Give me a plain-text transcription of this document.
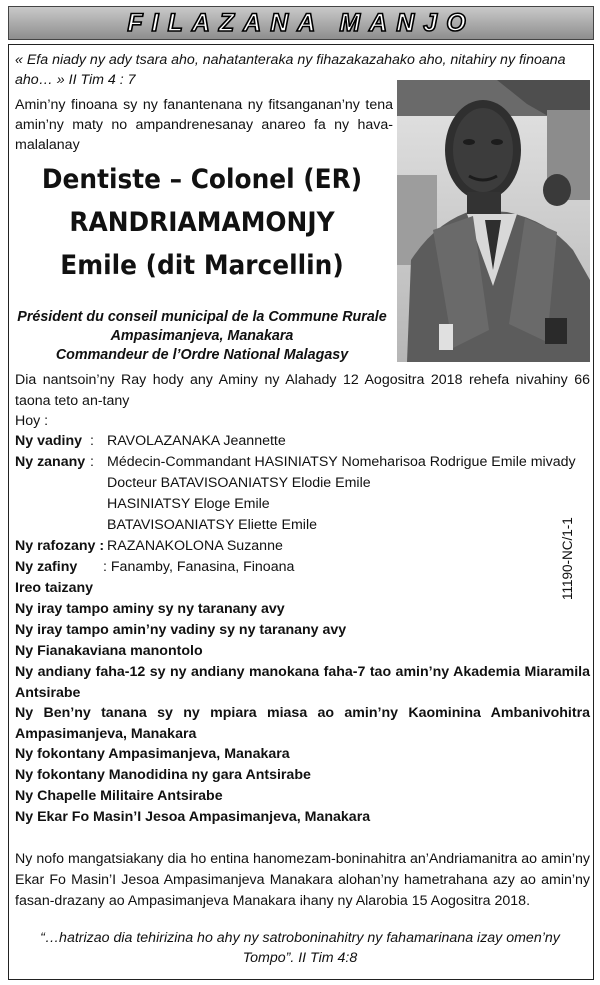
FILAZANA MANJO
« Efa niady ny ady tsara aho, nahatanteraka ny fihazakazahako aho, nitahiry ny finoana aho… » II Tim 4 : 7
Amin’ny finoana sy ny fanantenana ny fitsanganan’ny tena amin’ny maty no ampandrenesanay anareo fa ny hava-malalanay
Dentiste – Colonel (ER)
RANDRIAMAMONJY
Emile (dit Marcellin)
Président du conseil municipal de la Commune Rurale
Ampasimanjeva, Manakara
Commandeur de l’Ordre National Malagasy
Dia nantsoin’ny Ray hody any Aminy ny Alahady 12 Aogositra 2018 rehefa nivahiny 66 taona teto an-tany
Hoy :
Ny vadiny : RAVOLAZANAKA Jeannette
Ny zanany : Médecin-Commandant HASINIATSY Nomeharisoa Rodrigue Emile mivady
Docteur BATAVISOANIATSY Elodie Emile
HASINIATSY Eloge Emile
BATAVISOANIATSY Eliette Emile
Ny rafozany : RAZANAKOLONA Suzanne
Ny zafiny : Fanamby, Fanasina, Finoana
Ireo taizany
Ny iray tampo aminy sy ny taranany avy
Ny iray tampo amin’ny vadiny sy ny taranany avy
Ny Fianakaviana manontolo
Ny andiany faha-12 sy ny andiany manokana faha-7 tao amin’ny Akademia Miaramila Antsirabe
Ny Ben’ny tanana sy ny mpiara miasa ao amin’ny Kaominina Ambanivohitra Ampasimanjeva, Manakara
Ny fokontany Ampasimanjeva, Manakara
Ny fokontany Manodidina ny gara Antsirabe
Ny Chapelle Militaire Antsirabe
Ny Ekar Fo Masin’I Jesoa Ampasimanjeva, Manakara
Ny nofo mangatsiakany dia ho entina hanomezam-boninahitra an’Andriamanitra ao amin’ny Ekar Fo Masin’I Jesoa Ampasimanjeva Manakara alohan’ny hametrahana azy ao amin’ny fasan-drazany ao Ampasimanjeva Manakara ihany ny Alarobia 15 Aogositra 2018.
“…hatrizao dia tehirizina ho ahy ny satroboninahitry ny fahamarinana izay omen’ny Tompo”. II Tim 4:8
11190-NC/1-1
